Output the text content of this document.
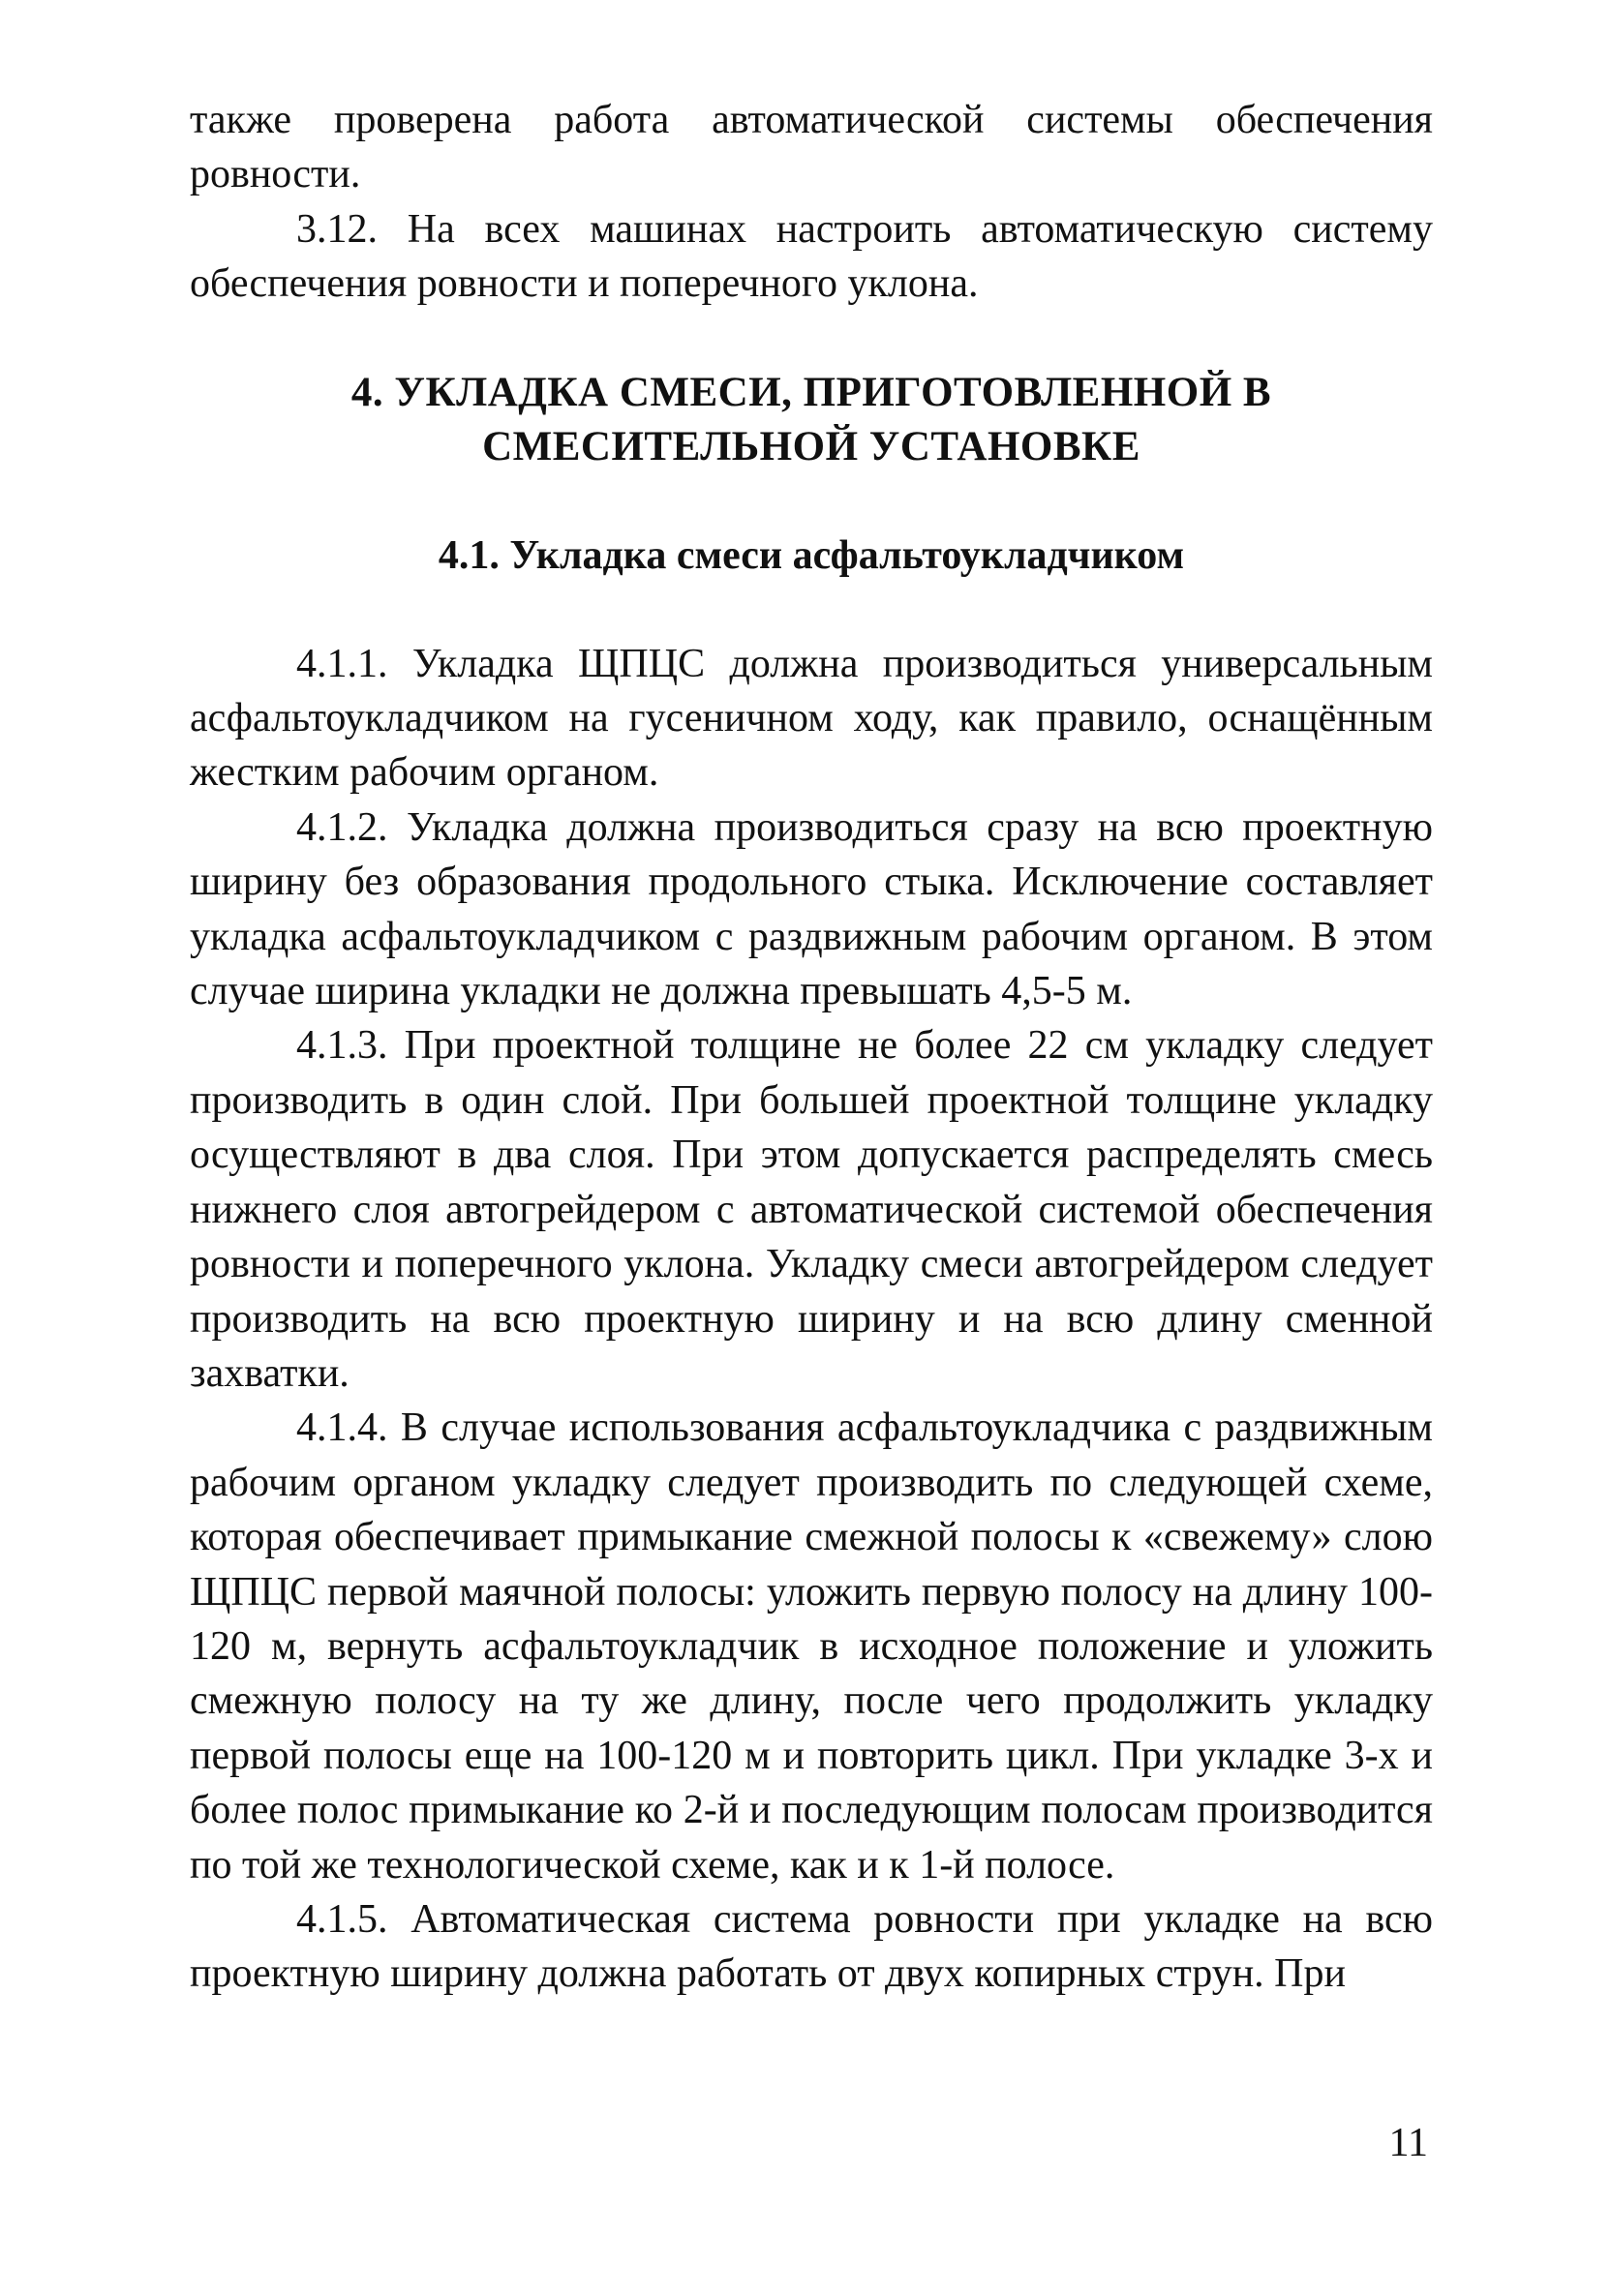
также проверена работа автоматической системы обеспечения ровности.

3.12. На всех машинах настроить автоматическую систему обеспечения ровности и поперечного уклона.

4. УКЛАДКА СМЕСИ, ПРИГОТОВЛЕННОЙ В
СМЕСИТЕЛЬНОЙ УСТАНОВКЕ
4.1. Укладка смеси асфальтоукладчиком

4.1.1. Укладка ЩПЦС должна производиться универсальным асфальтоукладчиком на гусеничном ходу, как правило, оснащённым жестким рабочим органом.

4.1.2. Укладка должна производиться сразу на всю проектную ширину без образования продольного стыка. Исключение составляет укладка асфальтоукладчиком с раздвижным рабочим органом. В этом случае ширина укладки не должна превышать 4,5-5 м.

4.1.3. При проектной толщине не более 22 см укладку следует производить в один слой. При большей проектной толщине укладку осуществляют в два слоя. При этом допускается распределять смесь нижнего слоя автогрейдером с автоматической системой обеспечения ровности и поперечного уклона. Укладку смеси автогрейдером следует производить на всю проектную ширину и на всю длину сменной захватки.

4.1.4. В случае использования асфальтоукладчика с раздвижным рабочим органом укладку следует производить по следующей схеме, которая обеспечивает примыкание смежной полосы к «свежему» слою ЩПЦС первой маячной полосы: уложить первую полосу на длину 100-120 м, вернуть асфальтоукладчик в исходное положение и уложить смежную полосу на ту же длину, после чего продолжить укладку первой полосы еще на 100-120 м и повторить цикл. При укладке 3-х и более полос примыкание ко 2-й и последующим полосам производится по той же технологической схеме, как и к 1-й полосе.

4.1.5. Автоматическая система ровности при укладке на всю проектную ширину должна работать от двух копирных струн. При

11
